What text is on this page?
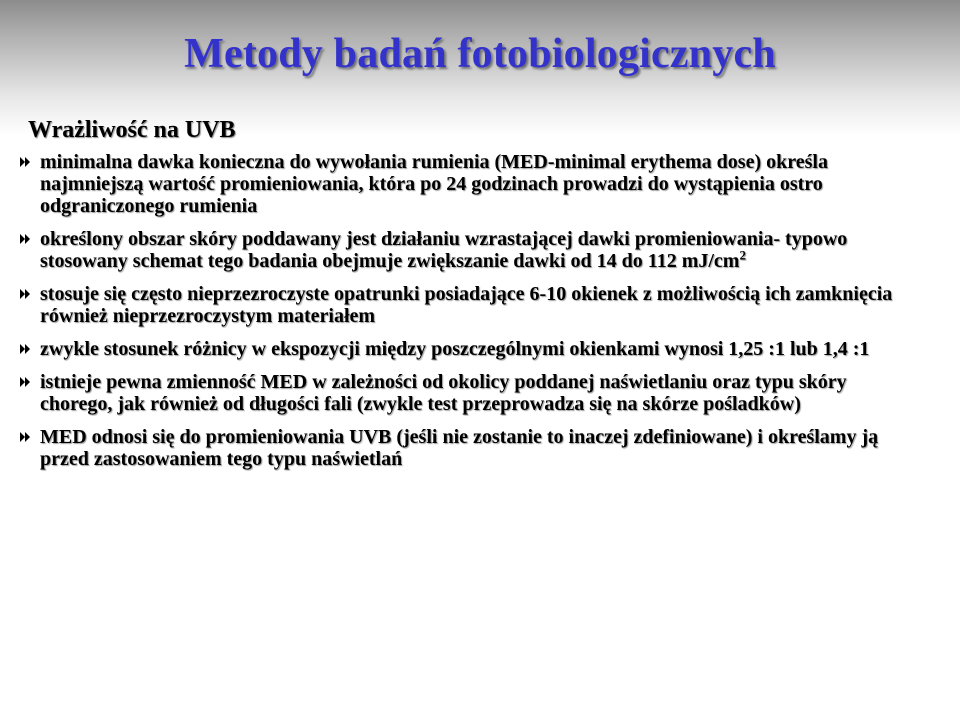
Metody badań fotobiologicznych
Wrażliwość na UVB
minimalna dawka konieczna do wywołania rumienia (MED-minimal erythema dose) określa najmniejszą wartość promieniowania, która po 24 godzinach prowadzi do wystąpienia ostro odgraniczonego rumienia
określony obszar skóry poddawany jest działaniu wzrastającej dawki promieniowania- typowo stosowany schemat tego badania obejmuje zwiększanie dawki od 14 do 112 $mJ/cm^2$
stosuje się często nieprzezroczyste opatrunki posiadające 6-10 okienek z możliwością ich zamknięcia również nieprzezroczystym materiałem
zwykle stosunek różnicy w ekspozycji między poszczególnymi okienkami wynosi 1,25 :1 lub 1,4 :1
istnieje pewna zmienność MED w zależności od okolicy poddanej naświetlaniu oraz typu skóry chorego, jak również od długości fali (zwykle test przeprowadza się na skórze pośladków)
MED odnosi się do promieniowania UVB (jeśli nie zostanie to inaczej zdefiniowane) i określamy ją przed zastosowaniem tego typu naświetlań
